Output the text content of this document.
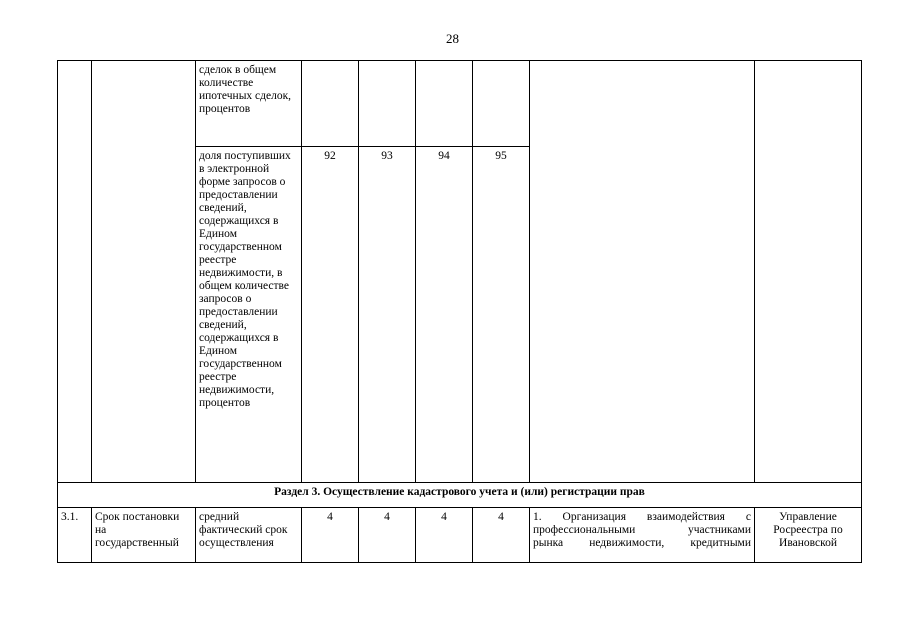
28
		сделок в общем количестве ипотечных сделок, процентов						
		доля поступивших в электронной форме запросов о предоставлении сведений, содержащихся в Едином государственном реестре недвижимости, в общем количестве запросов о предоставлении сведений, содержащихся в Едином государственном реестре недвижимости, процентов	92	93	94	95		
Раздел 3. Осуществление кадастрового учета и (или) регистрации прав								
3.1.	Срок постановки на государственный	средний фактический срок осуществления	4	4	4	4	1. Организация взаимодействия с
профессиональными участниками
рынка недвижимости, кредитными	Управление Росреестра по Ивановской
